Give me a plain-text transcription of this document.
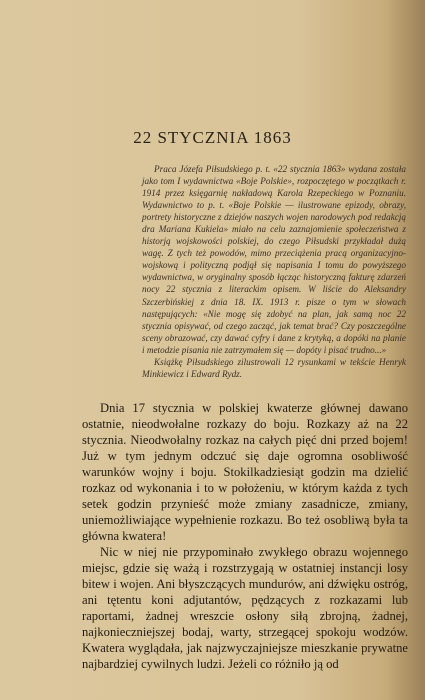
22 STYCZNIA 1863

Praca Józefa Piłsudskiego p. t. «22 stycznia 1863» wydana została jako tom I wydawnictwa «Boje Polskie», rozpoczętego w początkach r. 1914 przez księgarnię nakładową Karola Rzepeckiego w Poznaniu. Wydawnictwo to p. t. «Boje Polskie — ilustrowane epizody, obrazy, portrety historyczne z dziejów naszych wojen narodowych pod redakcją dra Mariana Kukiela» miało na celu zaznajomienie społeczeństwa z historją wojskowości polskiej, do czego Piłsudski przykładał dużą wagę. Z tych też powodów, mimo przeciążenia pracą organizacyjno-wojskową i polityczną podjął się napisania I tomu do powyższego wydawnictwa, w oryginalny sposób łącząc historyczną fakturę zdarzeń nocy 22 stycznia z literackim opisem. W liście do Aleksandry Szczerbińskiej z dnia 18. IX. 1913 r. pisze o tym w słowach następujących: «Nie mogę się zdobyć na plan, jak samą noc 22 stycznia opisywać, od czego zacząć, jak temat brać? Czy poszczególne sceny obrazować, czy dawać cyfry i dane z krytyką, a dopóki na planie i metodzie pisania nie zatrzymałem się — dopóty i pisać trudno...»

Książkę Piłsudskiego zilustrowali 12 rysunkami w tekście Henryk Minkiewicz i Edward Rydz.

Dnia 17 stycznia w polskiej kwaterze głównej dawano ostatnie, nieodwołalne rozkazy do boju. Rozkazy aż na 22 stycznia. Nieodwołalny rozkaz na całych pięć dni przed bojem! Już w tym jednym odczuć się daje ogromna osobliwość warunków wojny i boju. Stokilkadziesiąt godzin ma dzielić rozkaz od wykonania i to w położeniu, w którym każda z tych setek godzin przynieść może zmiany zasadnicze, zmiany, uniemożliwiające wypełnienie rozkazu. Bo też osobliwą była ta główna kwatera!

Nic w niej nie przypominało zwykłego obrazu wojennego miejsc, gdzie się ważą i rozstrzygają w ostatniej instancji losy bitew i wojen. Ani błyszczących mundurów, ani dźwięku ostróg, ani tętentu koni adjutantów, pędzących z rozkazami lub raportami, żadnej wreszcie osłony siłą zbrojną, żadnej, najkonieczniejszej bodaj, warty, strzegącej spokoju wodzów. Kwatera wyglądała, jak najzwyczajniejsze mieszkanie prywatne najbardziej cywilnych ludzi. Jeżeli co różniło ją od
